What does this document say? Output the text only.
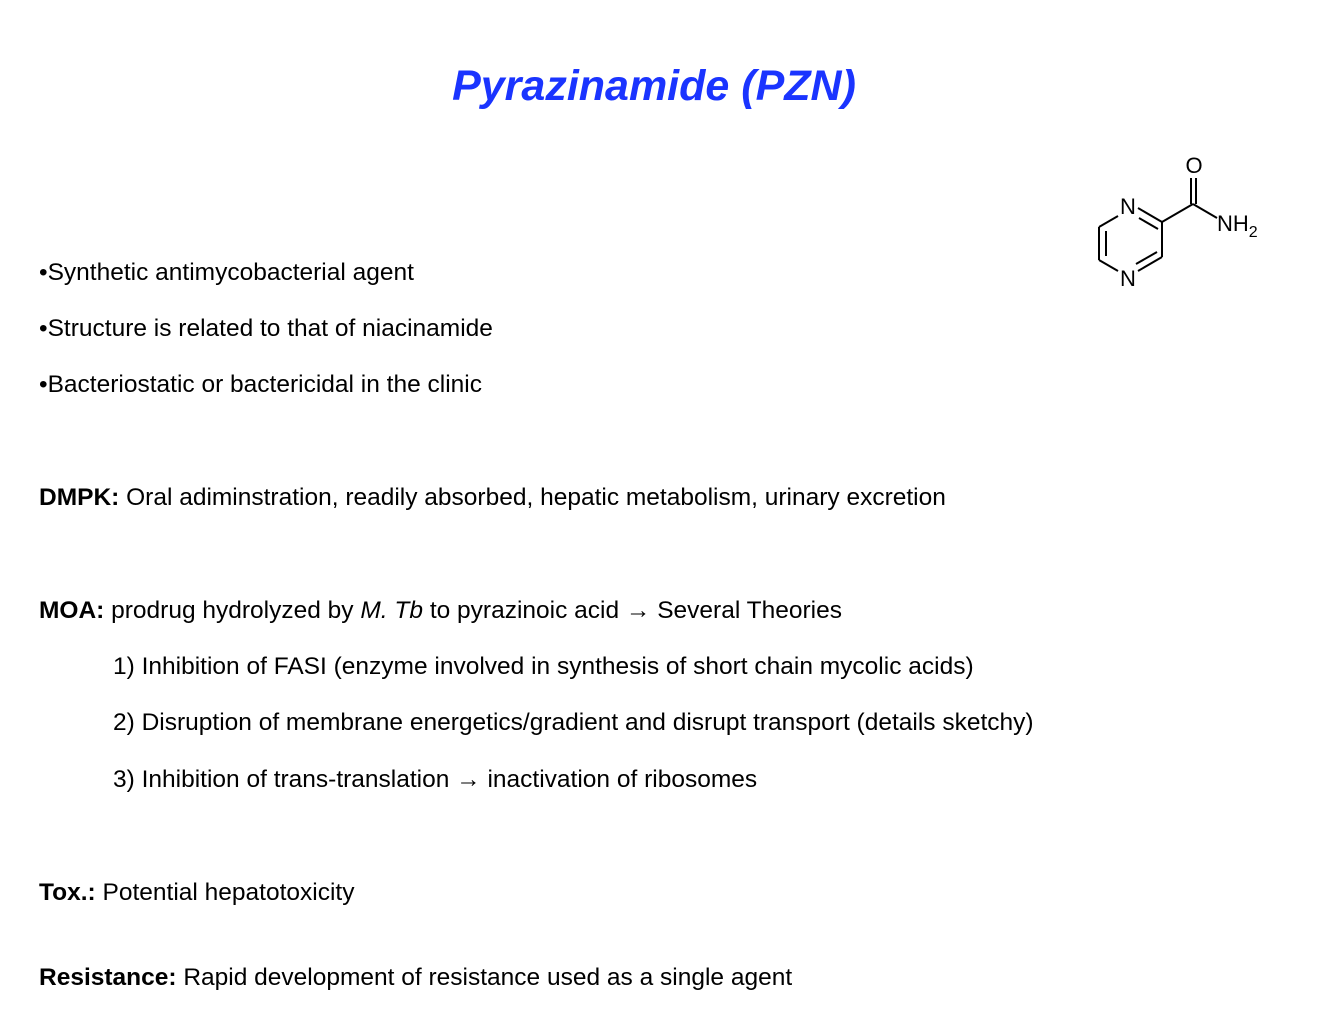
Pyrazinamide (PZN)
N
N
O
$NH_2$
•Synthetic antimycobacterial agent
•Structure is related to that of niacinamide
•Bacteriostatic or bactericidal in the clinic
DMPK: Oral adiminstration, readily absorbed, hepatic metabolism, urinary excretion
MOA: prodrug hydrolyzed by M. Tb to pyrazinoic acid → Several Theories
1) Inhibition of FASI (enzyme involved in synthesis of short chain mycolic acids)
2) Disruption of membrane energetics/gradient and disrupt transport (details sketchy)
3) Inhibition of trans-translation → inactivation of ribosomes
Tox.: Potential hepatotoxicity
Resistance: Rapid development of resistance used as a single agent
